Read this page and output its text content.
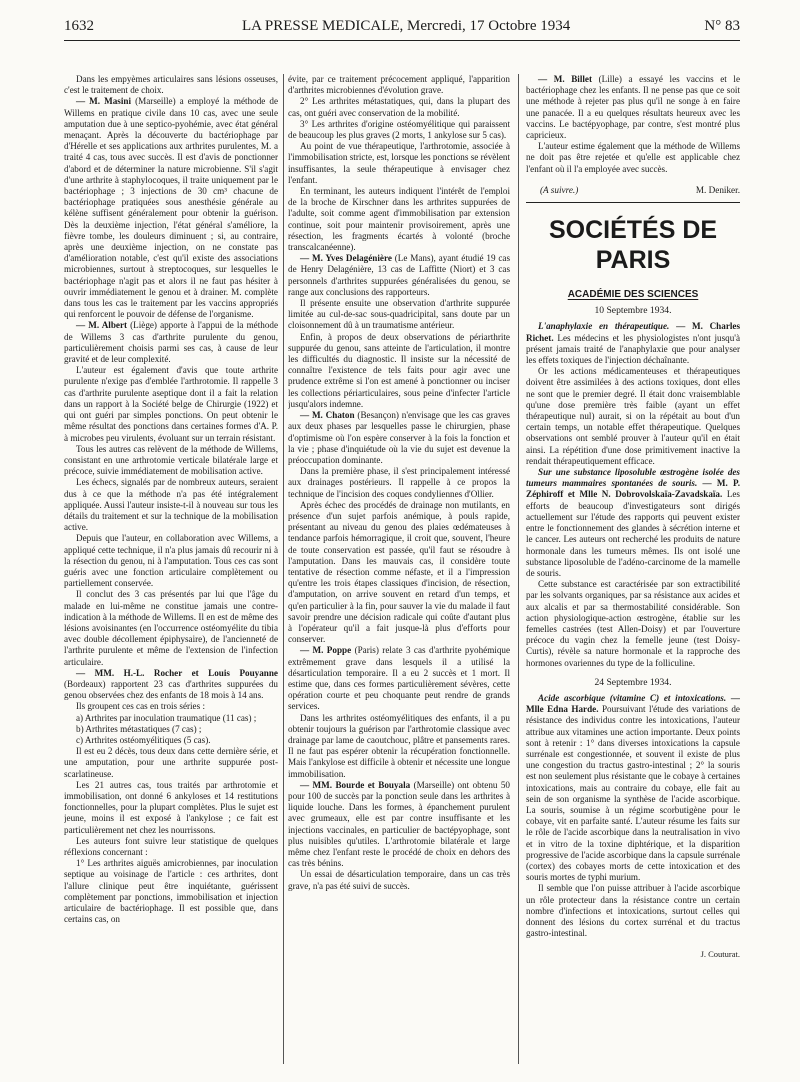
1632	LA PRESSE MEDICALE, Mercredi, 17 Octobre 1934	N° 83

Dans les empyèmes articulaires sans lésions osseuses, c'est le traitement de choix.

— M. Masini (Marseille) a employé la méthode de Willems en pratique civile dans 10 cas, avec une seule amputation due à une septico-pyohémie, avec état général menaçant. Après la découverte du bactériophage par d'Hérelle et ses applications aux arthrites purulentes, M. a traité 4 cas, tous avec succès. Il est d'avis de ponctionner d'abord et de déterminer la nature microbienne. S'il s'agit d'une arthrite à staphylocoques, il traite uniquement par le bactériophage ; 3 injections de 30 cm³ chacune de bactériophage pratiquées sous anesthésie générale au kélène suffisent généralement pour obtenir la guérison. Dès la deuxième injection, l'état général s'améliore, la fièvre tombe, les douleurs diminuent ; si, au contraire, après une deuxième injection, on ne constate pas d'amélioration notable, c'est qu'il existe des associations microbiennes, surtout à streptocoques, sur lesquelles le bactériophage n'agit pas et alors il ne faut pas hésiter à ouvrir immédiatement le genou et à drainer. M. complète dans tous les cas le traitement par les vaccins appropriés qui renforcent le pouvoir de défense de l'organisme.

— M. Albert (Liège) apporte à l'appui de la méthode de Willems 3 cas d'arthrite purulente du genou, particulièrement choisis parmi ses cas, à cause de leur gravité et de leur complexité.

L'auteur est également d'avis que toute arthrite purulente n'exige pas d'emblée l'arthrotomie. Il rappelle 3 cas d'arthrite purulente aseptique dont il a fait la relation dans un rapport à la Société belge de Chirurgie (1922) et qui ont guéri par simples ponctions. On peut obtenir le même résultat des ponctions dans certaines formes d'A. P. à microbes peu virulents, évoluant sur un terrain résistant.

Tous les autres cas relèvent de la méthode de Willems, consistant en une arthrotomie verticale bilatérale large et précoce, suivie immédiatement de mobilisation active.

Les échecs, signalés par de nombreux auteurs, seraient dus à ce que la méthode n'a pas été intégralement appliquée. Aussi l'auteur insiste-t-il à nouveau sur tous les détails du traitement et sur la technique de la mobilisation active.

Depuis que l'auteur, en collaboration avec Willems, a appliqué cette technique, il n'a plus jamais dû recourir ni à la résection du genou, ni à l'amputation. Tous ces cas sont guéris avec une fonction articulaire complètement ou partiellement conservée.

Il conclut des 3 cas présentés par lui que l'âge du malade en lui-même ne constitue jamais une contre-indication à la méthode de Willems. Il en est de même des lésions avoisinantes (en l'occurrence ostéomyélite du tibia avec double décollement épiphysaire), de l'ancienneté de l'arthrite purulente et même de l'extension de l'infection articulaire.

— MM. H.-L. Rocher et Louis Pouyanne (Bordeaux) rapportent 23 cas d'arthrites suppurées du genou observées chez des enfants de 18 mois à 14 ans.

Ils groupent ces cas en trois séries :

a) Arthrites par inoculation traumatique (11 cas) ;

b) Arthrites métastatiques (7 cas) ;

c) Arthrites ostéomyélitiques (5 cas).

Il est eu 2 décès, tous deux dans cette dernière série, et une amputation, pour une arthrite suppurée post-scarlatineuse.

Les 21 autres cas, tous traités par arthrotomie et immobilisation, ont donné 6 ankyloses et 14 restitutions fonctionnelles, pour la plupart complètes. Plus le sujet est jeune, moins il est exposé à l'ankylose ; ce fait est particulièrement net chez les nourrissons.

Les auteurs font suivre leur statistique de quelques réflexions concernant :

1° Les arthrites aiguës amicrobiennes, par inoculation septique au voisinage de l'article : ces arthrites, dont l'allure clinique peut être inquiétante, guérissent complètement par ponctions, immobilisation et injection articulaire de bactériophage. Il est possible que, dans certains cas, on

évite, par ce traitement précocement appliqué, l'apparition d'arthrites microbiennes d'évolution grave.

2° Les arthrites métastatiques, qui, dans la plupart des cas, ont guéri avec conservation de la mobilité.

3° Les arthrites d'origine ostéomyélitique qui paraissent de beaucoup les plus graves (2 morts, 1 ankylose sur 5 cas).

Au point de vue thérapeutique, l'arthrotomie, associée à l'immobilisation stricte, est, lorsque les ponctions se révèlent insuffisantes, la seule thérapeutique à envisager chez l'enfant.

En terminant, les auteurs indiquent l'intérêt de l'emploi de la broche de Kirschner dans les arthrites suppurées de l'adulte, soit comme agent d'immobilisation par extension continue, soit pour maintenir provisoirement, après une résection, les fragments écartés à volonté (broche transcalcanéenne).

— M. Yves Delagénière (Le Mans), ayant étudié 19 cas de Henry Delagénière, 13 cas de Laffitte (Niort) et 3 cas personnels d'arthrites suppurées généralisées du genou, se range aux conclusions des rapporteurs.

Il présente ensuite une observation d'arthrite suppurée limitée au cul-de-sac sous-quadricipital, sans doute par un cloisonnement dû à un traumatisme antérieur.

Enfin, à propos de deux observations de périarthrite suppurée du genou, sans atteinte de l'articulation, il montre les difficultés du diagnostic. Il insiste sur la nécessité de connaître l'existence de tels faits pour agir avec une prudence extrême si l'on est amené à ponctionner ou inciser les collections périarticulaires, sous peine d'infecter l'article jusqu'alors indemne.

— M. Chaton (Besançon) n'envisage que les cas graves aux deux phases par lesquelles passe le chirurgien, phase d'optimisme où l'on espère conserver à la fois la fonction et la vie ; phase d'inquiétude où la vie du sujet est devenue la préoccupation dominante.

Dans la première phase, il s'est principalement intéressé aux drainages postérieurs. Il rappelle à ce propos la technique de l'incision des coques condyliennes d'Ollier.

Après échec des procédés de drainage non mutilants, en présence d'un sujet parfois anémique, à pouls rapide, présentant au niveau du genou des plaies œdémateuses à tendance parfois hémorragique, il croit que, souvent, l'heure de toute conservation est passée, qu'il faut se résoudre à l'amputation. Dans les mauvais cas, il considère toute tentative de résection comme néfaste, et il a l'impression qu'entre les trois étapes classiques d'incision, de résection, d'amputation, on arrive souvent en retard d'un temps, et qu'en particulier à la fin, pour sauver la vie du malade il faut savoir prendre une décision radicale qui coûte d'autant plus à l'opérateur qu'il a fait jusque-là plus d'efforts pour conserver.

— M. Poppe (Paris) relate 3 cas d'arthrite pyohémique extrêmement grave dans lesquels il a utilisé la désarticulation temporaire. Il a eu 2 succès et 1 mort. Il estime que, dans ces formes particulièrement sévères, cette opération courte et peu choquante peut rendre de grands services.

Dans les arthrites ostéomyélitiques des enfants, il a pu obtenir toujours la guérison par l'arthrotomie classique avec drainage par lame de caoutchouc, plâtre et pansements rares. Il ne faut pas espérer obtenir la récupération fonctionnelle. Mais l'ankylose est difficile à obtenir et nécessite une longue immobilisation.

— MM. Bourde et Bouyala (Marseille) ont obtenu 50 pour 100 de succès par la ponction seule dans les arthrites à liquide louche. Dans les formes, à épanchement purulent avec grumeaux, elle est par contre insuffisante et les injections vaccinales, en particulier de bactépyophage, sont plus nuisibles qu'utiles. L'arthrotomie bilatérale et large même chez l'enfant reste le procédé de choix en dehors des cas très bénins.

Un essai de désarticulation temporaire, dans un cas très grave, n'a pas été suivi de succès.

— M. Billet (Lille) a essayé les vaccins et le bactériophage chez les enfants. Il ne pense pas que ce soit une méthode à rejeter pas plus qu'il ne songe à en faire une panacée. Il a eu quelques résultats heureux avec les vaccins. Le bactépyophage, par contre, s'est montré plus capricieux.

L'auteur estime également que la méthode de Willems ne doit pas être rejetée et qu'elle est applicable chez l'enfant où il l'a employée avec succès.

(A suivre.)	M. Deniker.
SOCIÉTÉS DE PARIS
ACADÉMIE DES SCIENCES
10 Septembre 1934.

L'anaphylaxie en thérapeutique. — M. Charles Richet. Les médecins et les physiologistes n'ont jusqu'à présent jamais traité de l'anaphylaxie que pour analyser les effets toxiques de l'injection déchaînante.

Or les actions médicamenteuses et thérapeutiques doivent être assimilées à des actions toxiques, dont elles ne sont que le premier degré. Il était donc vraisemblable qu'une dose première très faible (ayant un effet thérapeutique nul) aurait, si on la répétait au bout d'un certain temps, un notable effet thérapeutique. Quelques observations ont semblé prouver à l'auteur qu'il en était ainsi. La répétition d'une dose primitivement inactive la rendait thérapeutiquement efficace.

Sur une substance liposoluble œstrogène isolée des tumeurs mammaires spontanées de souris. — M. P. Zéphiroff et Mlle N. Dobrovolskaïa-Zavadskaïa. Les efforts de beaucoup d'investigateurs sont dirigés actuellement sur l'étude des rapports qui peuvent exister entre le fonctionnement des glandes à sécrétion interne et le cancer. Les auteurs ont recherché les produits de nature hormonale dans les tumeurs mêmes. Ils ont isolé une substance liposoluble de l'adéno-carcinome de la mamelle de souris.

Cette substance est caractérisée par son extractibilité par les solvants organiques, par sa résistance aux acides et aux alcalis et par sa thermostabilité considérable. Son action physiologique-action œstrogène, établie sur les femelles castrées (test Allen-Doisy) et par l'ouverture précoce du vagin chez la femelle jeune (test Doisy-Curtis), révèle sa nature hormonale et la rapproche des hormones ovariennes du type de la folliculine.

24 Septembre 1934.

Acide ascorbique (vitamine C) et intoxications. — Mlle Edna Harde. Poursuivant l'étude des variations de résistance des individus contre les intoxications, l'auteur attribue aux vitamines une action importante. Deux points sont à retenir : 1° dans diverses intoxications la capsule surrénale est congestionnée, et souvent il existe de plus une congestion du tractus gastro-intestinal ; 2° la souris est non seulement plus résistante que le cobaye à certaines intoxications, mais au contraire du cobaye, elle fait au sein de son organisme la synthèse de l'acide ascorbique. La souris, soumise à un régime scorbutigène pour le cobaye, vit en parfaite santé. L'auteur résume les faits sur le rôle de l'acide ascorbique dans la neutralisation in vivo et in vitro de la toxine diphtérique, et la disparition progressive de l'acide ascorbique dans la capsule surrénale (cortex) des cobayes morts de cette intoxication et des souris mortes de typhi murium.

Il semble que l'on puisse attribuer à l'acide ascorbique un rôle protecteur dans la résistance contre un certain nombre d'infections et intoxications, surtout celles qui donnent des lésions du cortex surrénal et du tractus gastro-intestinal.

J. Couturat.
